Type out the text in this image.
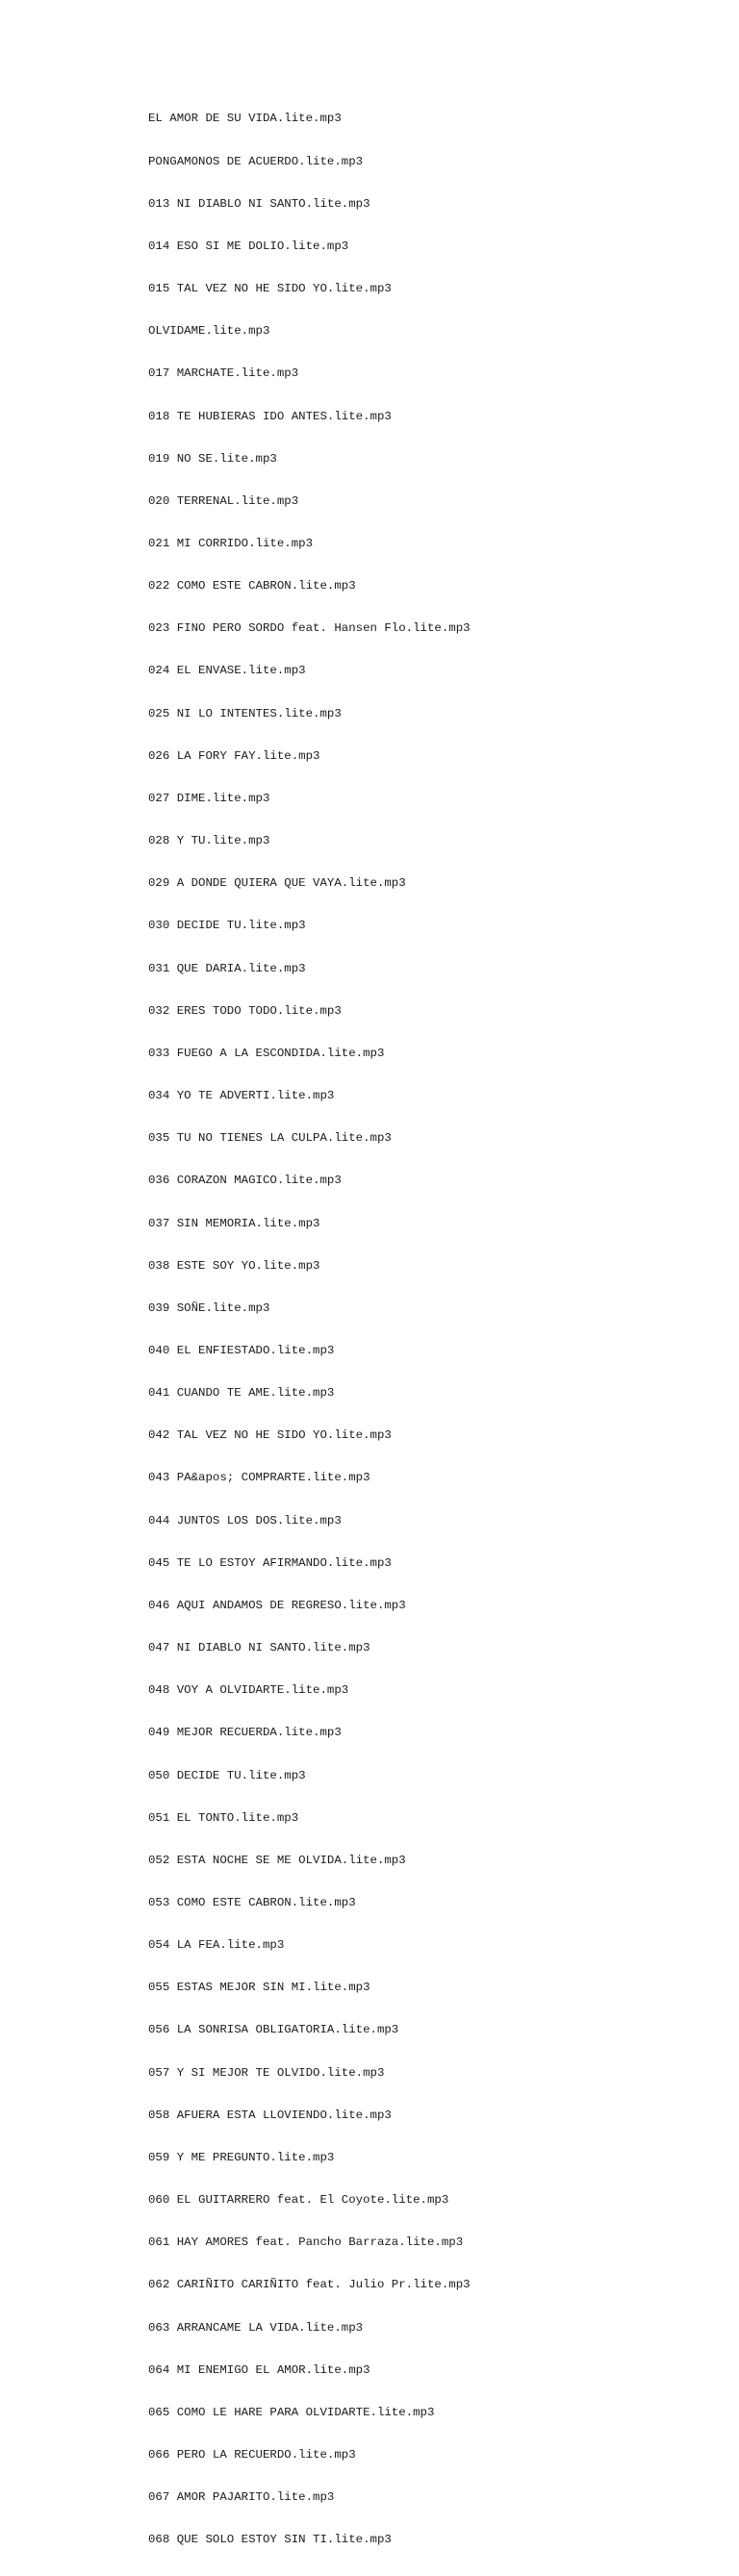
EL AMOR DE SU VIDA.lite.mp3

PONGAMONOS DE ACUERDO.lite.mp3

013 NI DIABLO NI SANTO.lite.mp3

014 ESO SI ME DOLIO.lite.mp3

015 TAL VEZ NO HE SIDO YO.lite.mp3

OLVIDAME.lite.mp3

017 MARCHATE.lite.mp3

018 TE HUBIERAS IDO ANTES.lite.mp3

019 NO SE.lite.mp3

020 TERRENAL.lite.mp3

021 MI CORRIDO.lite.mp3

022 COMO ESTE CABRON.lite.mp3

023 FINO PERO SORDO feat. Hansen Flo.lite.mp3

024 EL ENVASE.lite.mp3

025 NI LO INTENTES.lite.mp3

026 LA FORY FAY.lite.mp3

027 DIME.lite.mp3

028 Y TU.lite.mp3

029 A DONDE QUIERA QUE VAYA.lite.mp3

030 DECIDE TU.lite.mp3

031 QUE DARIA.lite.mp3

032 ERES TODO TODO.lite.mp3

033 FUEGO A LA ESCONDIDA.lite.mp3

034 YO TE ADVERTI.lite.mp3

035 TU NO TIENES LA CULPA.lite.mp3

036 CORAZON MAGICO.lite.mp3

037 SIN MEMORIA.lite.mp3

038 ESTE SOY YO.lite.mp3

039 SOÑE.lite.mp3

040 EL ENFIESTADO.lite.mp3

041 CUANDO TE AME.lite.mp3

042 TAL VEZ NO HE SIDO YO.lite.mp3

043 PA&apos; COMPRARTE.lite.mp3

044 JUNTOS LOS DOS.lite.mp3

045 TE LO ESTOY AFIRMANDO.lite.mp3

046 AQUI ANDAMOS DE REGRESO.lite.mp3

047 NI DIABLO NI SANTO.lite.mp3

048 VOY A OLVIDARTE.lite.mp3

049 MEJOR RECUERDA.lite.mp3

050 DECIDE TU.lite.mp3

051 EL TONTO.lite.mp3

052 ESTA NOCHE SE ME OLVIDA.lite.mp3

053 COMO ESTE CABRON.lite.mp3

054 LA FEA.lite.mp3

055 ESTAS MEJOR SIN MI.lite.mp3

056 LA SONRISA OBLIGATORIA.lite.mp3

057 Y SI MEJOR TE OLVIDO.lite.mp3

058 AFUERA ESTA LLOVIENDO.lite.mp3

059 Y ME PREGUNTO.lite.mp3

060 EL GUITARRERO feat. El Coyote.lite.mp3

061 HAY AMORES feat. Pancho Barraza.lite.mp3

062 CARIÑITO CARIÑITO feat. Julio Pr.lite.mp3

063 ARRANCAME LA VIDA.lite.mp3

064 MI ENEMIGO EL AMOR.lite.mp3

065 COMO LE HARE PARA OLVIDARTE.lite.mp3

066 PERO LA RECUERDO.lite.mp3

067 AMOR PAJARITO.lite.mp3

068 QUE SOLO ESTOY SIN TI.lite.mp3
